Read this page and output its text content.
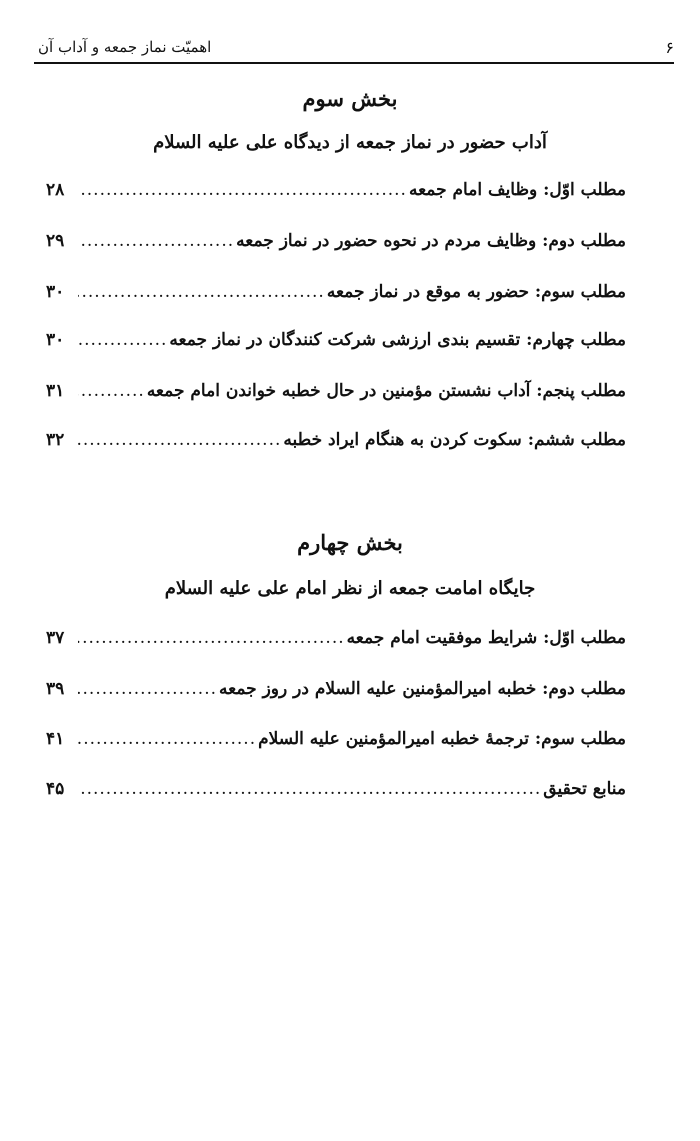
۶
اهمیّت نماز جمعه و آداب آن
بخش سوم
آداب حضور در نماز جمعه از دیدگاه علی عليه السلام
مطلب اوّل: وظایف امام جمعه
.....
۲۸
مطلب دوم: وظایف مردم در نحوه حضور در نماز جمعه
.....
۲۹
مطلب سوم: حضور به موقع در نماز جمعه
.....
۳۰
مطلب چهارم: تقسیم بندی ارزشی شرکت کنندگان در نماز جمعه
.....
۳۰
مطلب پنجم: آداب نشستن مؤمنین در حال خطبه خواندن امام جمعه
.....
۳۱
مطلب ششم: سکوت کردن به هنگام ایراد خطبه
.....
۳۲
بخش چهارم
جایگاه امامت جمعه از نظر امام علی عليه السلام
مطلب اوّل: شرایط موفقیت امام جمعه
.....
۳۷
مطلب دوم: خطبه امیرالمؤمنین عليه السلام در روز جمعه
.....
۳۹
مطلب سوم: ترجمهٔ خطبه امیرالمؤمنین عليه السلام
.....
۴۱
منابع تحقیق
.....
۴۵
